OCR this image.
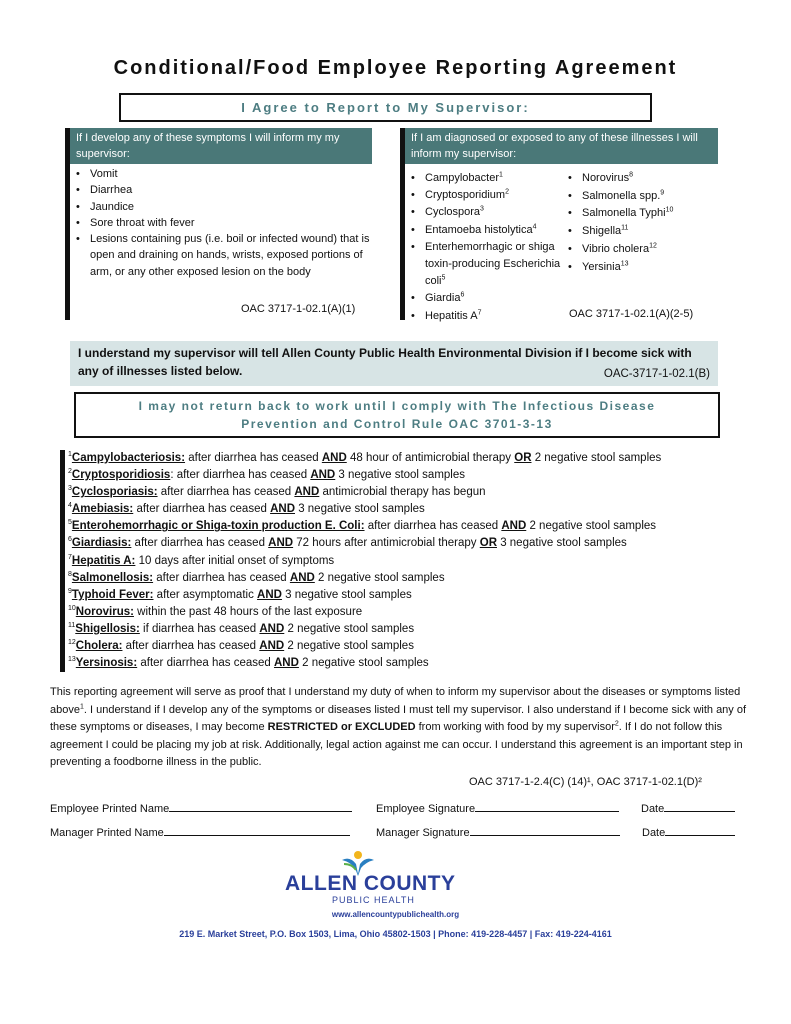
Conditional/Food Employee Reporting Agreement
I Agree to Report to My Supervisor:
If I develop any of these symptoms I will inform my my supervisor:
• Vomit
• Diarrhea
• Jaundice
• Sore throat with fever
• Lesions containing pus (i.e. boil or infected wound) that is open and draining on hands, wrists, exposed portions of arm, or any other exposed lesion on the body
OAC 3717-1-02.1(A)(1)
If I am diagnosed or exposed to any of these illnesses I will inform my supervisor:
• Campylobacter$^1$
• Cryptosporidium$^2$
• Cyclospora$^3$
• Entamoeba histolytica$^4$
• Enterhemorrhagic or shiga toxin-producing Escherichia coli$^5$
• Giardia$^6$
• Hepatitis $A^7$
• Norovirus$^8$
• Salmonella spp.$^9$
• Salmonella Typhi$^{10}$
• Shigella$^{11}$
• Vibrio cholera$^{12}$
• Yersinia$^{13}$
OAC 3717-1-02.1(A)(2-5)
I understand my supervisor will tell Allen County Public Health Environmental Division if I become sick with any of illnesses listed below.	OAC-3717-1-02.1(B)
I may not return back to work until I comply with The Infectious Disease
Prevention and Control Rule OAC 3701-3-13
$^1$Campylobacteriosis: after diarrhea has ceased AND 48 hour of antimicrobial therapy OR 2 negative stool samples
$^2$Cryptosporidiosis: after diarrhea has ceased AND 3 negative stool samples
$^3$Cyclosporiasis: after diarrhea has ceased AND antimicrobial therapy has begun
$^4$Amebiasis: after diarrhea has ceased AND 3 negative stool samples
$^5$Enterohemorrhagic or Shiga-toxin production E. Coli: after diarrhea has ceased AND 2 negative stool samples
$^6$Giardiasis: after diarrhea has ceased AND 72 hours after antimicrobial therapy OR 3 negative stool samples
$^7$Hepatitis A: 10 days after initial onset of symptoms
$^8$Salmonellosis: after diarrhea has ceased AND 2 negative stool samples
$^9$Typhoid Fever: after asymptomatic AND 3 negative stool samples
$^{10}$Norovirus: within the past 48 hours of the last exposure
$^{11}$Shigellosis: if diarrhea has ceased AND 2 negative stool samples
$^{12}$Cholera: after diarrhea has ceased AND 2 negative stool samples
$^{13}$Yersinosis: after diarrhea has ceased AND 2 negative stool samples
This reporting agreement will serve as proof that I understand my duty of when to inform my supervisor about the diseases or symptoms listed above$^1$. I understand if I develop any of the symptoms or diseases listed I must tell my supervisor. I also understand if I become sick with any of these symptoms or diseases, I may become RESTRICTED or EXCLUDED from working with food by my supervisor$^2$. If I do not follow this agreement I could be placing my job at risk. Additionally, legal action against me can occur. I understand this agreement is an important step in preventing a foodborne illness in the public.
OAC 3717-1-2.4(C) (14)¹, OAC 3717-1-02.1(D)²
Employee Printed Name	Employee Signature	Date
Manager Printed Name	Manager Signature	Date
ALLEN COUNTY
PUBLIC HEALTH
www.allencountypublichealth.org
219 E. Market Street, P.O. Box 1503, Lima, Ohio 45802-1503 | Phone: 419-228-4457 | Fax: 419-224-4161
